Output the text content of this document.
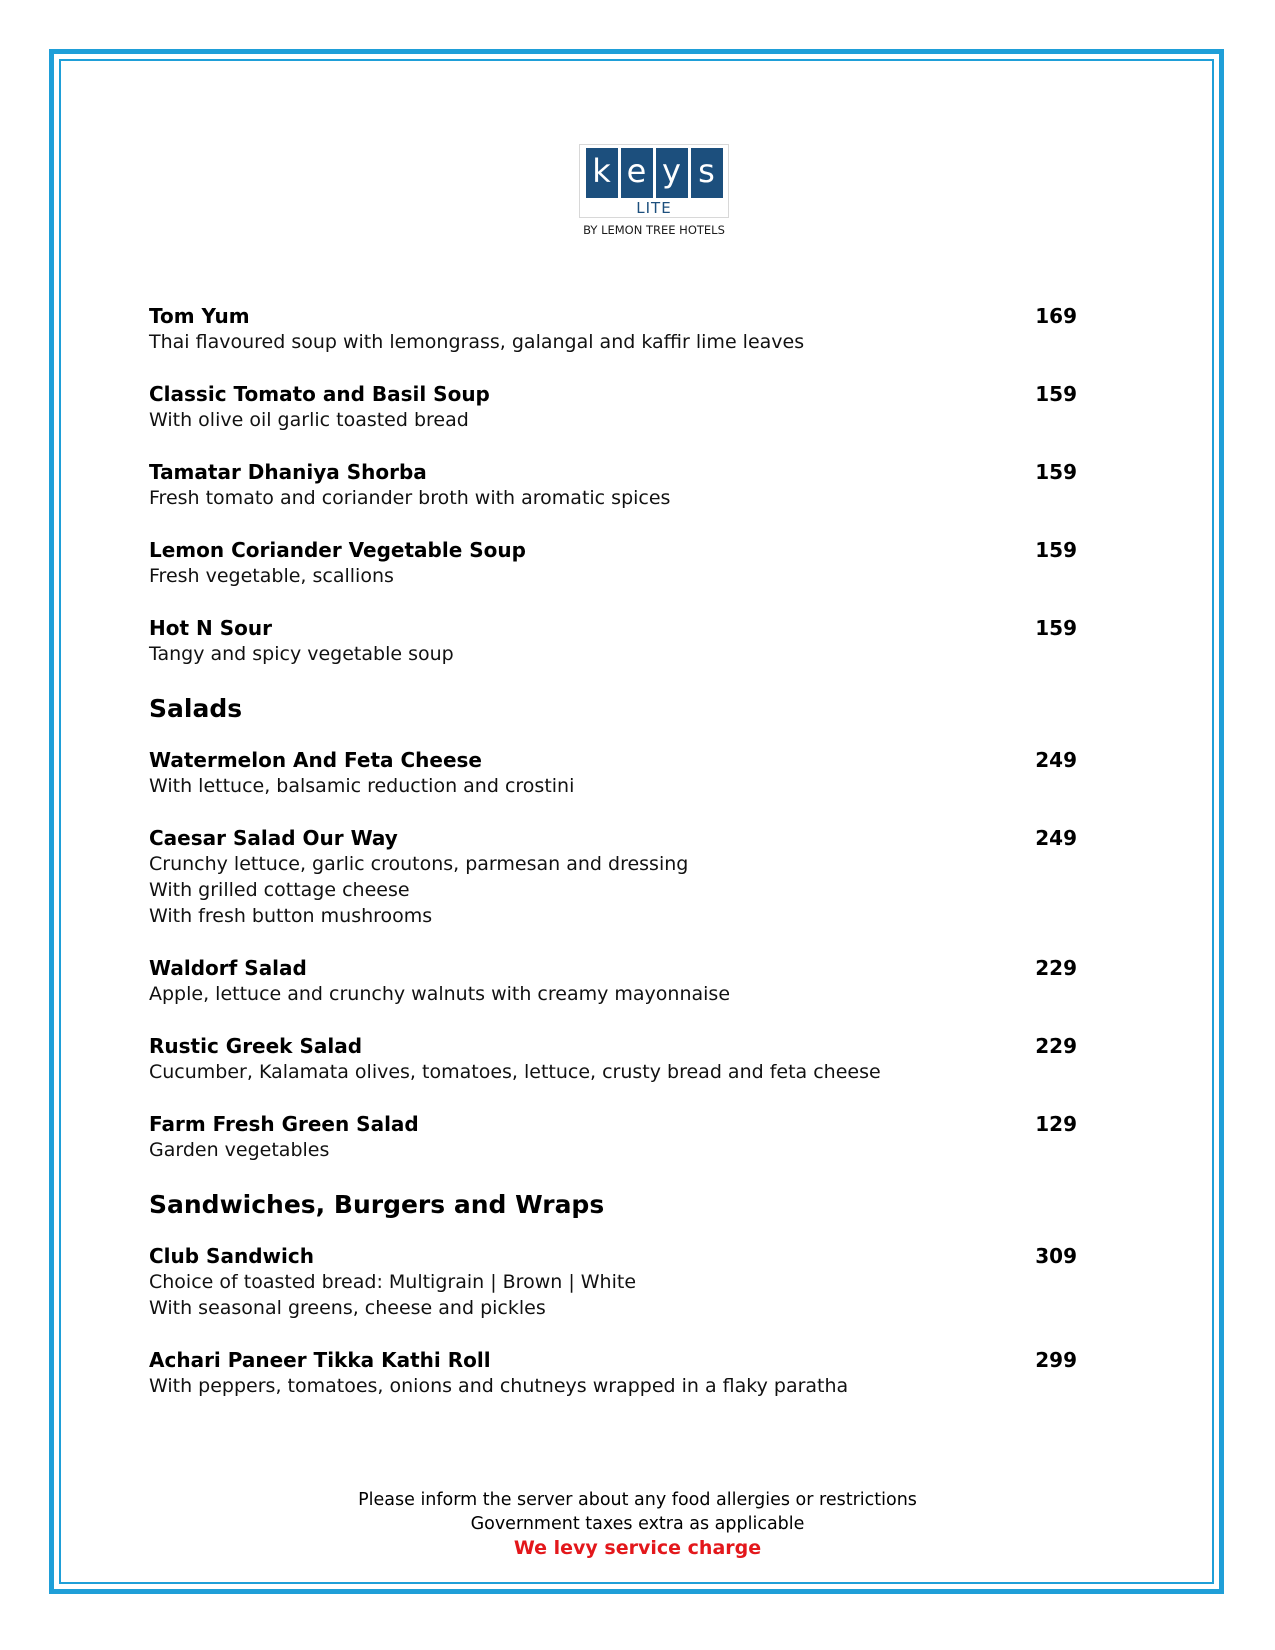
k e y s
LITE
BY LEMON TREE HOTELS
Tom Yum	169
Thai flavoured soup with lemongrass, galangal and kaffir lime leaves
Classic Tomato and Basil Soup	159
With olive oil garlic toasted bread
Tamatar Dhaniya Shorba	159
Fresh tomato and coriander broth with aromatic spices
Lemon Coriander Vegetable Soup	159
Fresh vegetable, scallions
Hot N Sour	159
Tangy and spicy vegetable soup
Salads
Watermelon And Feta Cheese	249
With lettuce, balsamic reduction and crostini
Caesar Salad Our Way	249
Crunchy lettuce, garlic croutons, parmesan and dressing
With grilled cottage cheese
With fresh button mushrooms
Waldorf Salad	229
Apple, lettuce and crunchy walnuts with creamy mayonnaise
Rustic Greek Salad	229
Cucumber, Kalamata olives, tomatoes, lettuce, crusty bread and feta cheese
Farm Fresh Green Salad	129
Garden vegetables
Sandwiches, Burgers and Wraps
Club Sandwich	309
Choice of toasted bread: Multigrain | Brown | White
With seasonal greens, cheese and pickles
Achari Paneer Tikka Kathi Roll	299
With peppers, tomatoes, onions and chutneys wrapped in a flaky paratha
Please inform the server about any food allergies or restrictions
Government taxes extra as applicable
We levy service charge
